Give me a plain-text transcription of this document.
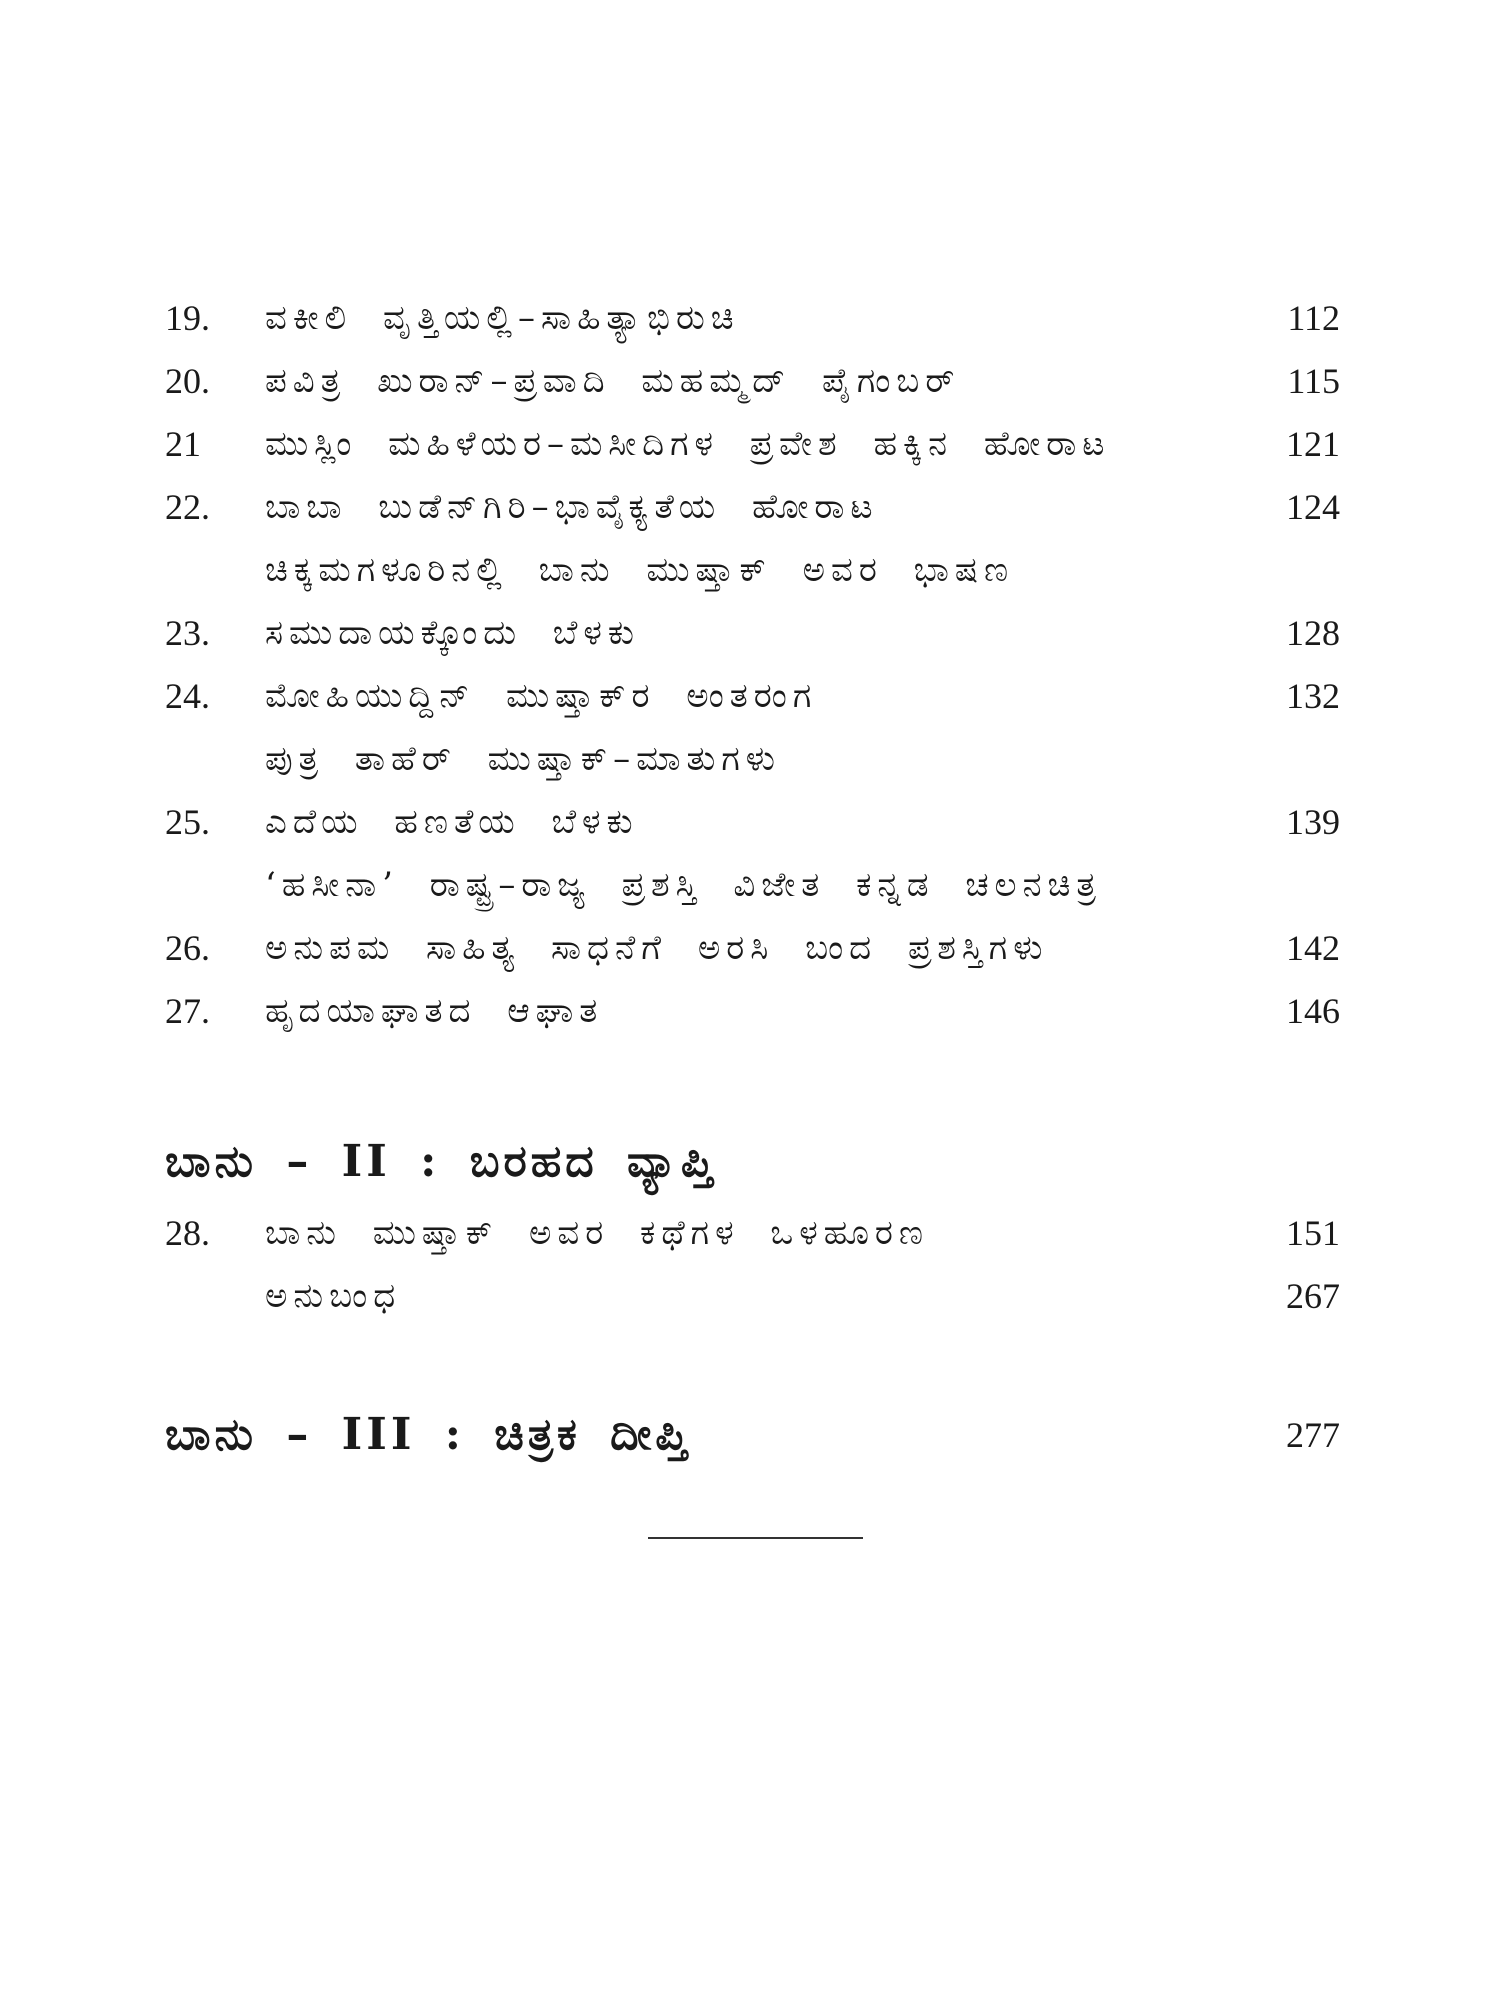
19.	ವಕೀಲಿ ವೃತ್ತಿಯಲ್ಲಿ–ಸಾಹಿತ್ಯಾಭಿರುಚಿ	112
20.	ಪವಿತ್ರ ಖುರಾನ್–ಪ್ರವಾದಿ ಮಹಮ್ಮದ್ ಪೈಗಂಬರ್	115
21	ಮುಸ್ಲಿಂ ಮಹಿಳೆಯರ–ಮಸೀದಿಗಳ ಪ್ರವೇಶ ಹಕ್ಕಿನ ಹೋರಾಟ	121
22.	ಬಾಬಾ ಬುಡೆನ್‌ಗಿರಿ–ಭಾವೈಕ್ಯತೆಯ ಹೋರಾಟ	124
ಚಿಕ್ಕಮಗಳೂರಿನಲ್ಲಿ ಬಾನು ಮುಷ್ತಾಕ್ ಅವರ ಭಾಷಣ
23.	ಸಮುದಾಯಕ್ಕೊಂದು ಬೆಳಕು	128
24.	ಮೋಹಿಯುದ್ದಿನ್ ಮುಷ್ತಾಕ್‌ರ ಅಂತರಂಗ	132
ಪುತ್ರ ತಾಹೆರ್ ಮುಷ್ತಾಕ್–ಮಾತುಗಳು
25.	ಎದೆಯ ಹಣತೆಯ ಬೆಳಕು	139
‘ಹಸೀನಾ’ ರಾಷ್ಟ್ರ–ರಾಜ್ಯ ಪ್ರಶಸ್ತಿ ವಿಜೇತ ಕನ್ನಡ ಚಲನಚಿತ್ರ
26.	ಅನುಪಮ ಸಾಹಿತ್ಯ ಸಾಧನೆಗೆ ಅರಸಿ ಬಂದ ಪ್ರಶಸ್ತಿಗಳು	142
27.	ಹೃದಯಾಘಾತದ ಆಘಾತ	146
ಬಾನು – II : ಬರಹದ ವ್ಯಾಪ್ತಿ
28.	ಬಾನು ಮುಷ್ತಾಕ್ ಅವರ ಕಥೆಗಳ ಒಳಹೂರಣ	151
ಅನುಬಂಧ	267
ಬಾನು – III : ಚಿತ್ರಕ ದೀಪ್ತಿ	277
